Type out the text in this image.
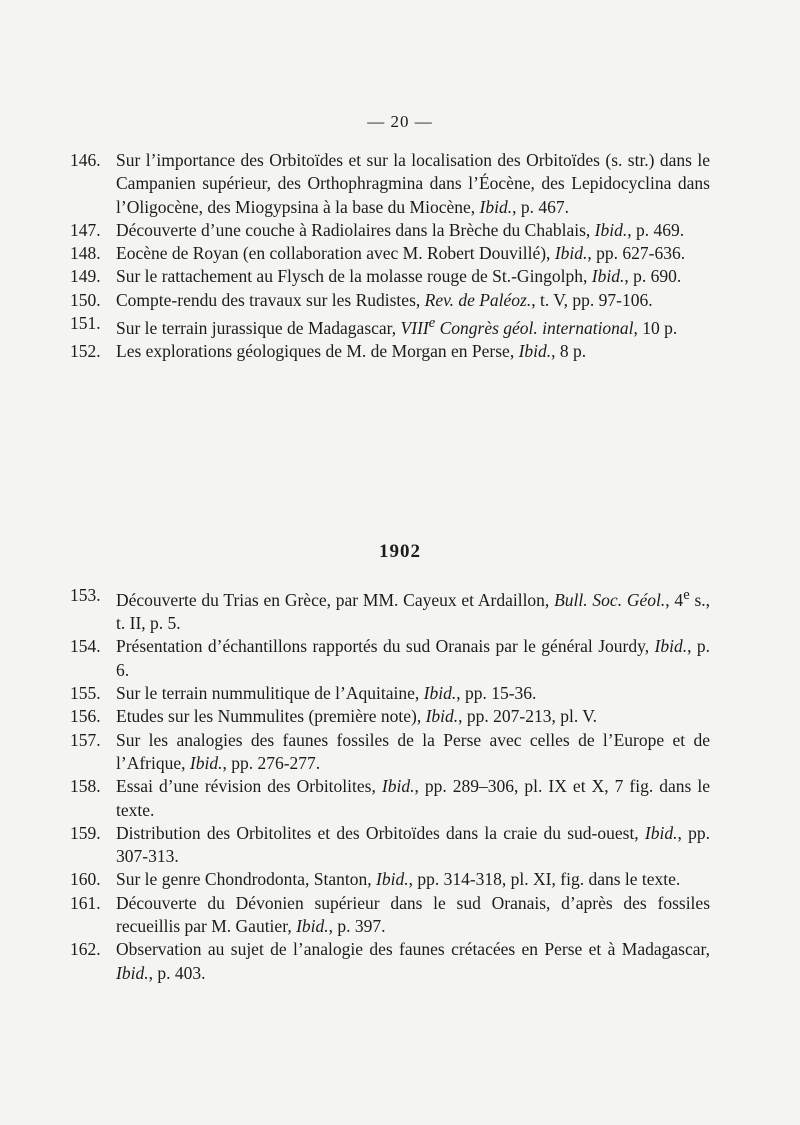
— 20 —

146. Sur l’importance des Orbitoïdes et sur la localisation des Orbitoïdes (s. str.) dans le Campanien supérieur, des Orthophragmina dans l’Éocène, des Lepidocyclina dans l’Oligocène, des Miogypsina à la base du Miocène, Ibid., p. 467.

147. Découverte d’une couche à Radiolaires dans la Brèche du Chablais, Ibid., p. 469.

148. Eocène de Royan (en collaboration avec M. Robert Douvillé), Ibid., pp. 627-636.

149. Sur le rattachement au Flysch de la molasse rouge de St.-Gingolph, Ibid., p. 690.

150. Compte-rendu des travaux sur les Rudistes, Rev. de Paléoz., t. V, pp. 97-106.

151. Sur le terrain jurassique de Madagascar, VIIIe Congrès géol. international, 10 p.

152. Les explorations géologiques de M. de Morgan en Perse, Ibid., 8 p.

1902

153. Découverte du Trias en Grèce, par MM. Cayeux et Ardaillon, Bull. Soc. Géol., 4e s., t. II, p. 5.

154. Présentation d’échantillons rapportés du sud Oranais par le général Jourdy, Ibid., p. 6.

155. Sur le terrain nummulitique de l’Aquitaine, Ibid., pp. 15-36.

156. Etudes sur les Nummulites (première note), Ibid., pp. 207-213, pl. V.

157. Sur les analogies des faunes fossiles de la Perse avec celles de l’Europe et de l’Afrique, Ibid., pp. 276-277.

158. Essai d’une révision des Orbitolites, Ibid., pp. 289–306, pl. IX et X, 7 fig. dans le texte.

159. Distribution des Orbitolites et des Orbitoïdes dans la craie du sud-ouest, Ibid., pp. 307-313.

160. Sur le genre Chondrodonta, Stanton, Ibid., pp. 314-318, pl. XI, fig. dans le texte.

161. Découverte du Dévonien supérieur dans le sud Oranais, d’après des fossiles recueillis par M. Gautier, Ibid., p. 397.

162. Observation au sujet de l’analogie des faunes crétacées en Perse et à Madagascar, Ibid., p. 403.
